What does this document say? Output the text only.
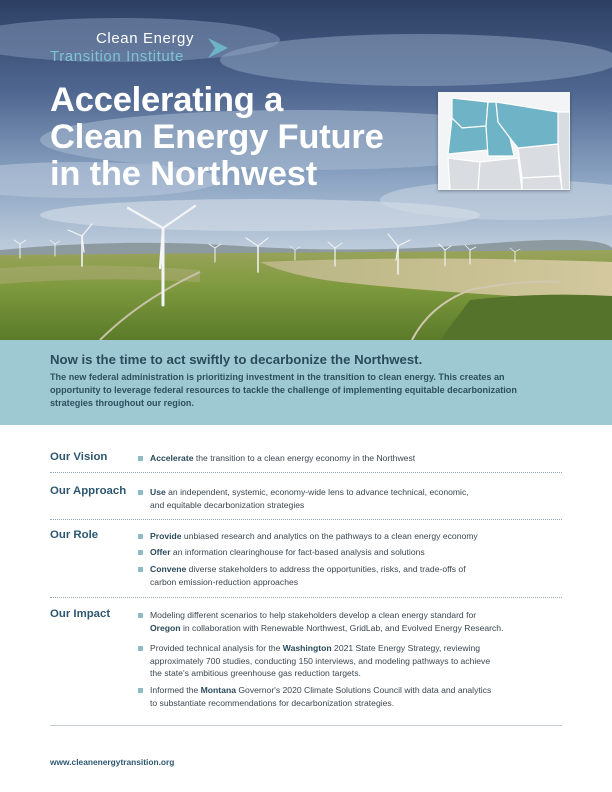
Clean Energy
Transition Institute
Accelerating a
Clean Energy Future
in the Northwest
Now is the time to act swiftly to decarbonize the Northwest.
The new federal administration is prioritizing investment in the transition to clean energy. This creates an
opportunity to leverage federal resources to tackle the challenge of implementing equitable decarbonization
strategies throughout our region.
Our Vision	Accelerate the transition to a clean energy economy in the Northwest
Our Approach	Use an independent, systemic, economy-wide lens to advance technical, economic,
and equitable decarbonization strategies
Our Role	Provide unbiased research and analytics on the pathways to a clean energy economy
Offer an information clearinghouse for fact-based analysis and solutions
Convene diverse stakeholders to address the opportunities, risks, and trade-offs of
carbon emission-reduction approaches
Our Impact	Modeling different scenarios to help stakeholders develop a clean energy standard for
Oregon in collaboration with Renewable Northwest, GridLab, and Evolved Energy Research.
Provided technical analysis for the Washington 2021 State Energy Strategy, reviewing
approximately 700 studies, conducting 150 interviews, and modeling pathways to achieve
the state's ambitious greenhouse gas reduction targets.
Informed the Montana Governor's 2020 Climate Solutions Council with data and analytics
to substantiate recommendations for decarbonization strategies.
www.cleanenergytransition.org
